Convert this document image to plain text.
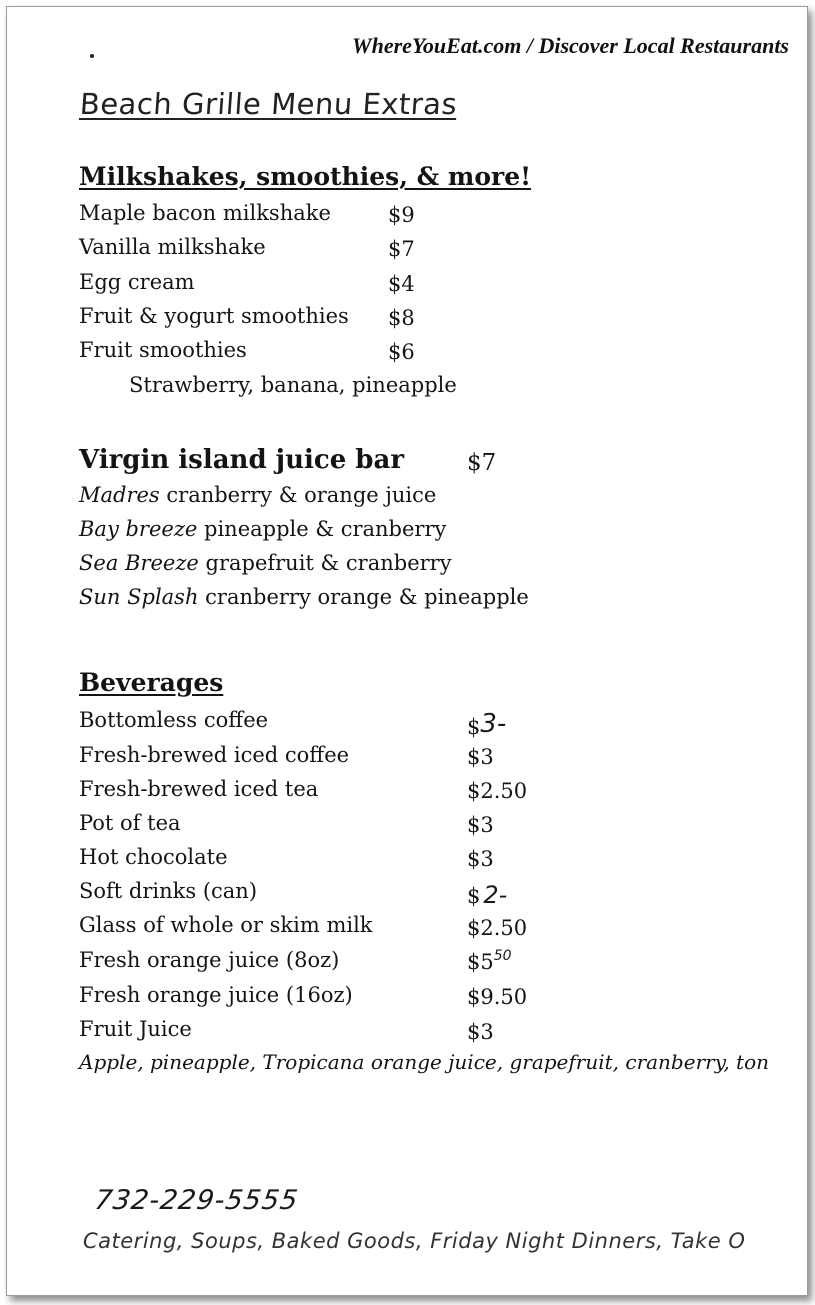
WhereYouEat.com / Discover Local Restaurants
Beach Grille Menu Extras
Milkshakes, smoothies, & more!
Maple bacon milkshake	$9
Vanilla milkshake	$7
Egg cream	$4
Fruit & yogurt smoothies $8
Fruit smoothies	$6
Strawberry, banana, pineapple
Virgin island juice bar	$7
Madres cranberry & orange juice
Bay breeze pineapple & cranberry
Sea Breeze grapefruit & cranberry
Sun Splash cranberry orange & pineapple
Beverages
Bottomless coffee	$3-
Fresh-brewed iced coffee	$3
Fresh-brewed iced tea	$2.50
Pot of tea	$3
Hot chocolate	$3
Soft drinks (can)	$ 2-
Glass of whole or skim milk	$2.50
Fresh orange juice (8oz)	$\$5^{50}$
Fresh orange juice (16oz)	$9.50
Fruit Juice	$3
Apple, pineapple, Tropicana orange juice, grapefruit, cranberry, ton
732-229-5555
Catering, Soups, Baked Goods, Friday Night Dinners, Take O
